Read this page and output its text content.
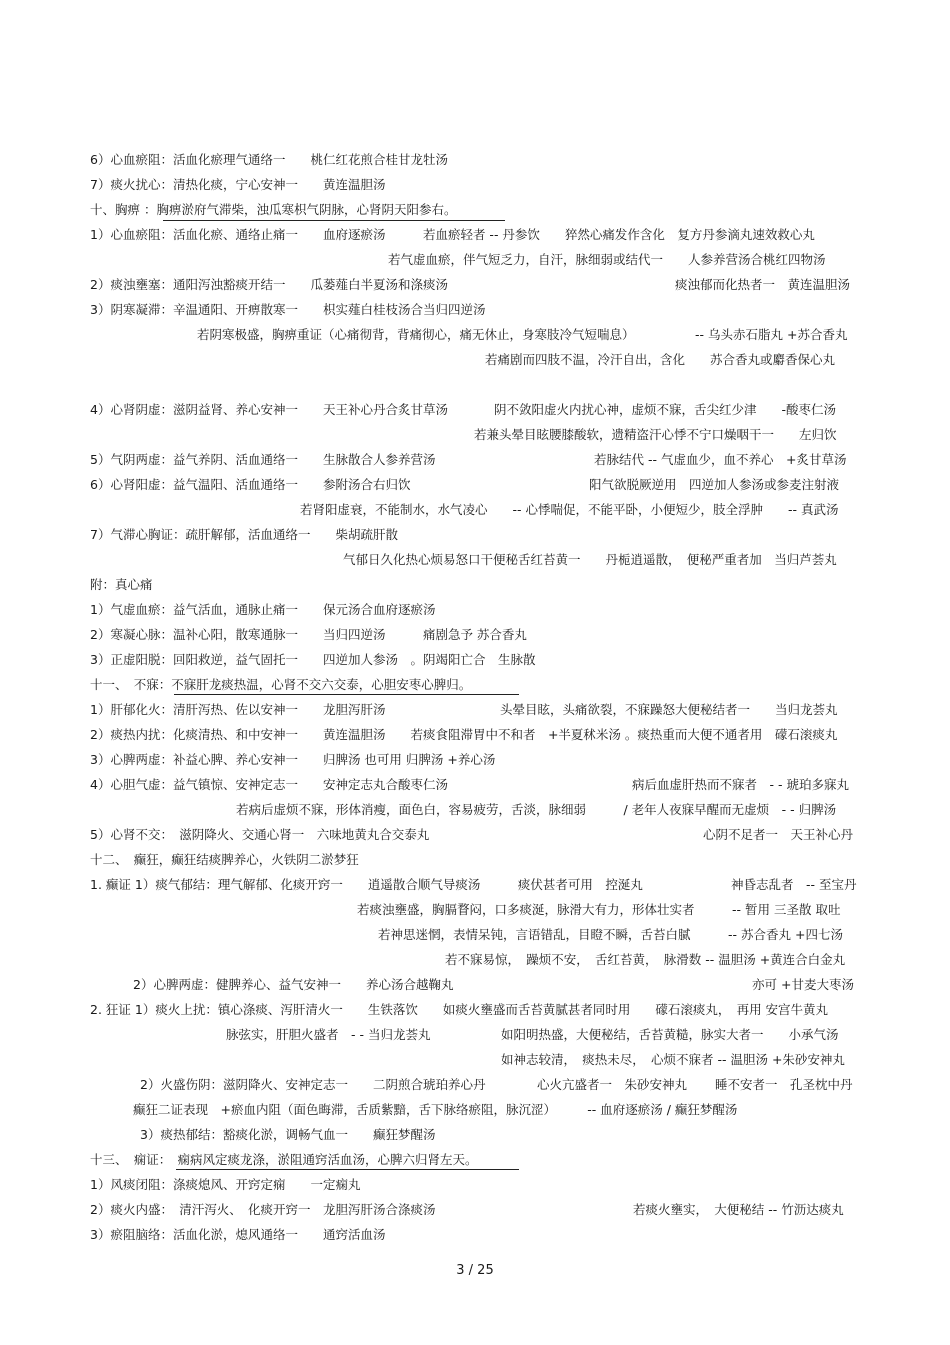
6）心血瘀阻：活血化瘀理气通络一　　桃仁红花煎合桂甘龙牡汤
7）痰火扰心：清热化痰，宁心安神一　　黄连温胆汤
十、胸痹 ：胸痹淤府气滞柴，浊瓜寒枳气阴脉，心肾阴天阳参右。
1）心血瘀阻：活血化瘀、通络止痛一　　血府逐瘀汤　　　若血瘀轻者 -- 丹参饮　　猝然心痛发作含化　复方丹参滴丸速效救心丸
若气虚血瘀，伴气短乏力，自汗，脉细弱或结代一　　人参养营汤合桃红四物汤
2）痰浊壅塞：通阳泻浊豁痰开结一　　瓜蒌薤白半夏汤和涤痰汤	痰浊郁而化热者一　黄连温胆汤
3）阴寒凝滞：辛温通阳、开痹散寒一　　枳实薤白桂枝汤合当归四逆汤
若阴寒极盛，胸痹重证（心痛彻背，背痛彻心，痛无休止，身寒肢冷气短喘息）	-- 乌头赤石脂丸 +苏合香丸
若痛剧而四肢不温，冷汗自出，含化　　苏合香丸或麝香保心丸
4）心肾阴虚：滋阴益肾、养心安神一　　天王补心丹合炙甘草汤	阴不敛阳虚火内扰心神，虚烦不寐，舌尖红少津　　-酸枣仁汤
若兼头晕目眩腰膝酸软，遗精盗汗心悸不宁口燥咽干一　　左归饮
5）气阴两虚：益气养阴、活血通络一　　生脉散合人参养营汤	若脉结代 -- 气虚血少，血不养心　+炙甘草汤
6）心肾阳虚：益气温阳、活血通络一　　参附汤合右归饮	阳气欲脱厥逆用　四逆加人参汤或参麦注射液
若肾阳虚衰，不能制水，水气凌心　　-- 心悸喘促，不能平卧，小便短少，肢全浮肿　　-- 真武汤
7）气滞心胸证：疏肝解郁，活血通络一　　柴胡疏肝散
气郁日久化热心烦易怒口干便秘舌红苔黄一　　丹栀逍遥散，　便秘严重者加　当归芦荟丸
附：真心痛
1）气虚血瘀：益气活血，通脉止痛一　　保元汤合血府逐瘀汤
2）寒凝心脉：温补心阳，散寒通脉一　　当归四逆汤　　　痛剧急予 苏合香丸
3）正虚阳脱：回阳救逆，益气固托一　　四逆加人参汤　。阴竭阳亡合　生脉散
十一、　不寐：不寐肝龙痰热温，心肾不交六交泰，心胆安枣心脾归。
1）肝郁化火：清肝泻热、佐以安神一　　龙胆泻肝汤	头晕目眩，头痛欲裂，不寐躁怒大便秘结者一　　当归龙荟丸
2）痰热内扰：化痰清热、和中安神一　　黄连温胆汤　　若痰食阻滞胃中不和者　+半夏秫米汤 。痰热重而大便不通者用　礞石滚痰丸
3）心脾两虚：补益心脾、养心安神一　　归脾汤 也可用 归脾汤 +养心汤
4）心胆气虚：益气镇惊、安神定志一　　安神定志丸合酸枣仁汤	病后血虚肝热而不寐者　- - 琥珀多寐丸
若病后虚烦不寐，形体消瘦，面色白，容易疲劳，舌淡，脉细弱　　　/ 老年人夜寐早醒而无虚烦　- - 归脾汤
5）心肾不交：　滋阴降火、交通心肾一　六味地黄丸合交泰丸	心阴不足者一　天王补心丹
十二、　癫狂，癫狂结痰脾养心，火铁阴二淤梦狂
1. 癫证 1）痰气郁结：理气解郁、化痰开窍一　　逍遥散合顺气导痰汤　　　痰伏甚者可用　控涎丸	神昏志乱者　-- 至宝丹
若痰浊壅盛，胸膈瞀闷，口多痰涎，脉滑大有力，形体壮实者　　　-- 暂用 三圣散 取吐
若神思迷惘，表情呆钝，言语错乱，目瞪不瞬，舌苔白腻　　　-- 苏合香丸 +四七汤
若不寐易惊，　躁烦不安，　舌红苔黄，　脉滑数 -- 温胆汤 +黄连合白金丸
2）心脾两虚：健脾养心、益气安神一　　养心汤合越鞠丸	亦可 +甘麦大枣汤
2. 狂证 1）痰火上扰：镇心涤痰、泻肝清火一　　生铁落饮　　如痰火壅盛而舌苔黄腻甚者同时用　　礞石滚痰丸，　再用 安宫牛黄丸
脉弦实，肝胆火盛者　- - 当归龙荟丸	如阳明热盛，大便秘结，舌苔黄糙，脉实大者一　　小承气汤
如神志较清，　痰热未尽，　心烦不寐者 -- 温胆汤 +朱砂安神丸
2）火盛伤阴：滋阴降火、安神定志一　　二阴煎合琥珀养心丹	心火亢盛者一　朱砂安神丸 睡不安者一　孔圣枕中丹
癫狂二证表现　+瘀血内阻（面色晦滞，舌质紫黯，舌下脉络瘀阻，脉沉涩）　　　-- 血府逐瘀汤 / 癫狂梦醒汤
3）痰热郁结：豁痰化淤，调畅气血一　　癫狂梦醒汤
十三、　痫证：　痫病风定痰龙涤，淤阻通窍活血汤，心脾六归肾左天。
1）风痰闭阻：涤痰熄风、开窍定痫　　一定痫丸
2）痰火内盛：　清汗泻火、　化痰开窍一　龙胆泻肝汤合涤痰汤	若痰火壅实，　大便秘结 -- 竹沥达痰丸
3）瘀阻脑络：活血化淤，熄风通络一　　通窍活血汤
3 / 25
